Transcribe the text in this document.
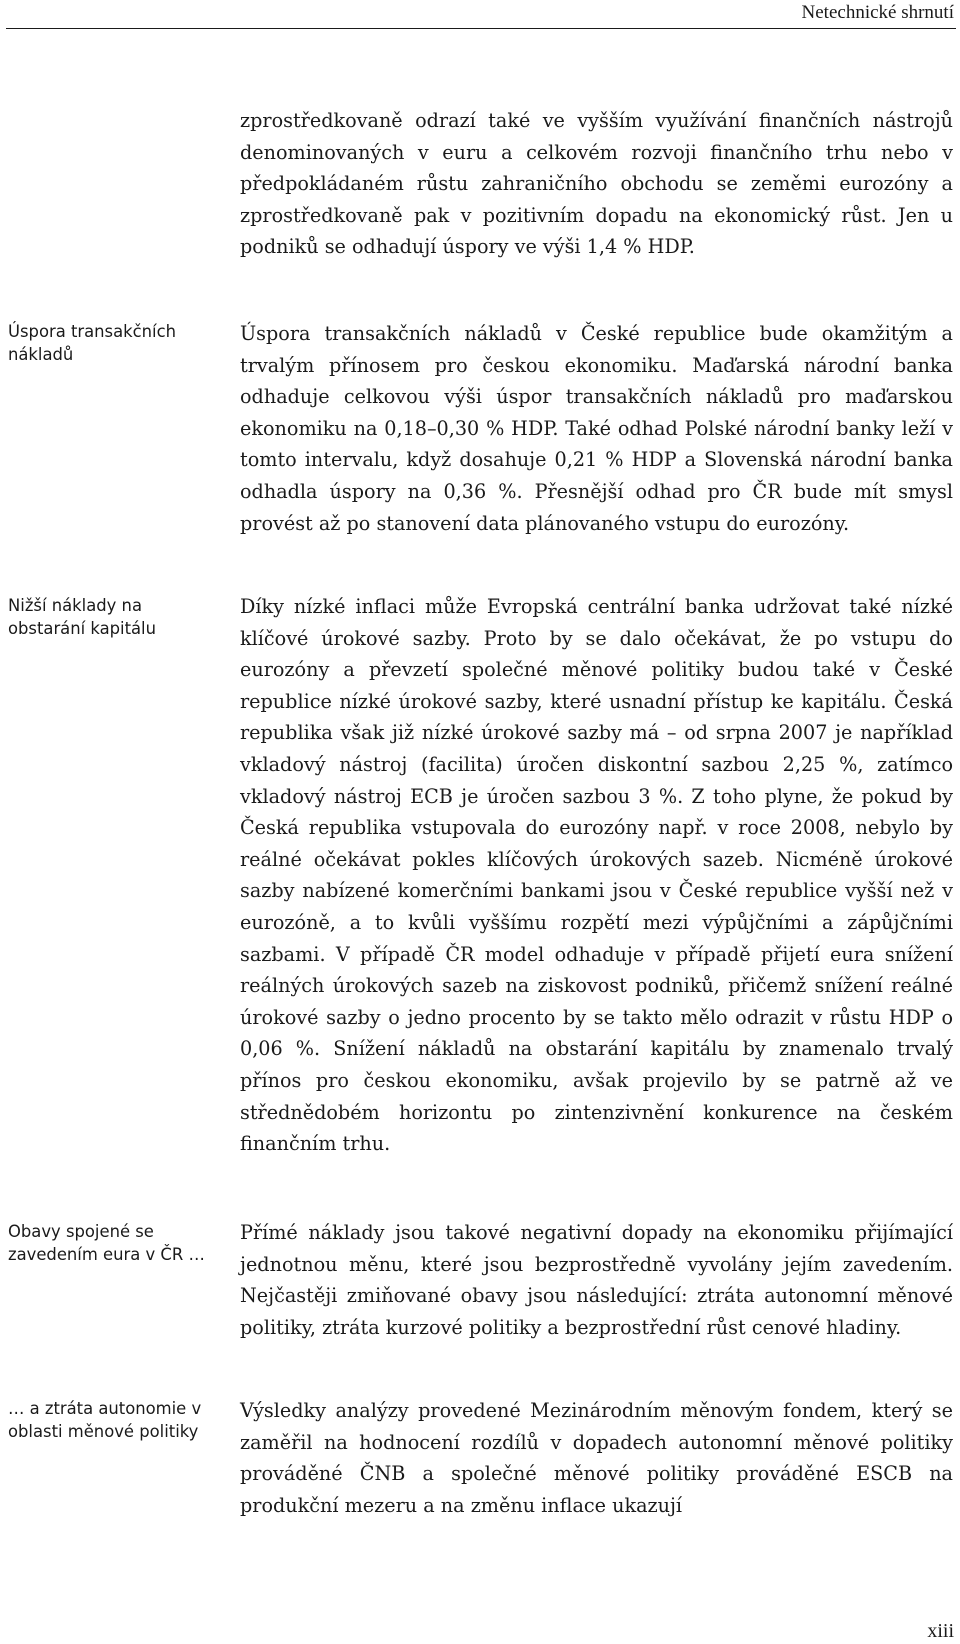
Netechnické shrnutí
Úspora transakčních nákladů
Nižší náklady na obstarání kapitálu
Obavy spojené se zavedením eura v ČR …
… a ztráta autonomie v oblasti měnové politiky
zprostředkovaně odrazí také ve vyšším využívání finančních nástrojů denominovaných v euru a celkovém rozvoji finančního trhu nebo v předpokládaném růstu zahraničního obchodu se zeměmi eurozóny a zprostředkovaně pak v pozitivním dopadu na ekonomický růst. Jen u podniků se odhadují úspory ve výši 1,4 % HDP.
Úspora transakčních nákladů v České republice bude okamžitým a trvalým přínosem pro českou ekonomiku. Maďarská národní banka odhaduje celkovou výši úspor transakčních nákladů pro maďarskou ekonomiku na 0,18–0,30 % HDP. Také odhad Polské národní banky leží v tomto intervalu, když dosahuje 0,21 % HDP a Slovenská národní banka odhadla úspory na 0,36 %. Přesnější odhad pro ČR bude mít smysl provést až po stanovení data plánovaného vstupu do eurozóny.
Díky nízké inflaci může Evropská centrální banka udržovat také nízké klíčové úrokové sazby. Proto by se dalo očekávat, že po vstupu do eurozóny a převzetí společné měnové politiky budou také v České republice nízké úrokové sazby, které usnadní přístup ke kapitálu. Česká republika však již nízké úrokové sazby má – od srpna 2007 je například vkladový nástroj (facilita) úročen diskontní sazbou 2,25 %, zatímco vkladový nástroj ECB je úročen sazbou 3 %. Z toho plyne, že pokud by Česká republika vstupovala do eurozóny např. v roce 2008, nebylo by reálné očekávat pokles klíčových úrokových sazeb. Nicméně úrokové sazby nabízené komerčními bankami jsou v České republice vyšší než v eurozóně, a to kvůli vyššímu rozpětí mezi výpůjčními a zápůjčními sazbami. V případě ČR model odhaduje v případě přijetí eura snížení reálných úrokových sazeb na ziskovost podniků, přičemž snížení reálné úrokové sazby o jedno procento by se takto mělo odrazit v růstu HDP o 0,06 %. Snížení nákladů na obstarání kapitálu by znamenalo trvalý přínos pro českou ekonomiku, avšak projevilo by se patrně až ve střednědobém horizontu po zintenzivnění konkurence na českém finančním trhu.
Přímé náklady jsou takové negativní dopady na ekonomiku přijímající jednotnou měnu, které jsou bezprostředně vyvolány jejím zavedením. Nejčastěji zmiňované obavy jsou následující: ztráta autonomní měnové politiky, ztráta kurzové politiky a bezprostřední růst cenové hladiny.
Výsledky analýzy provedené Mezinárodním měnovým fondem, který se zaměřil na hodnocení rozdílů v dopadech autonomní měnové politiky prováděné ČNB a společné měnové politiky prováděné ESCB na produkční mezeru a na změnu inflace ukazují
xiii
